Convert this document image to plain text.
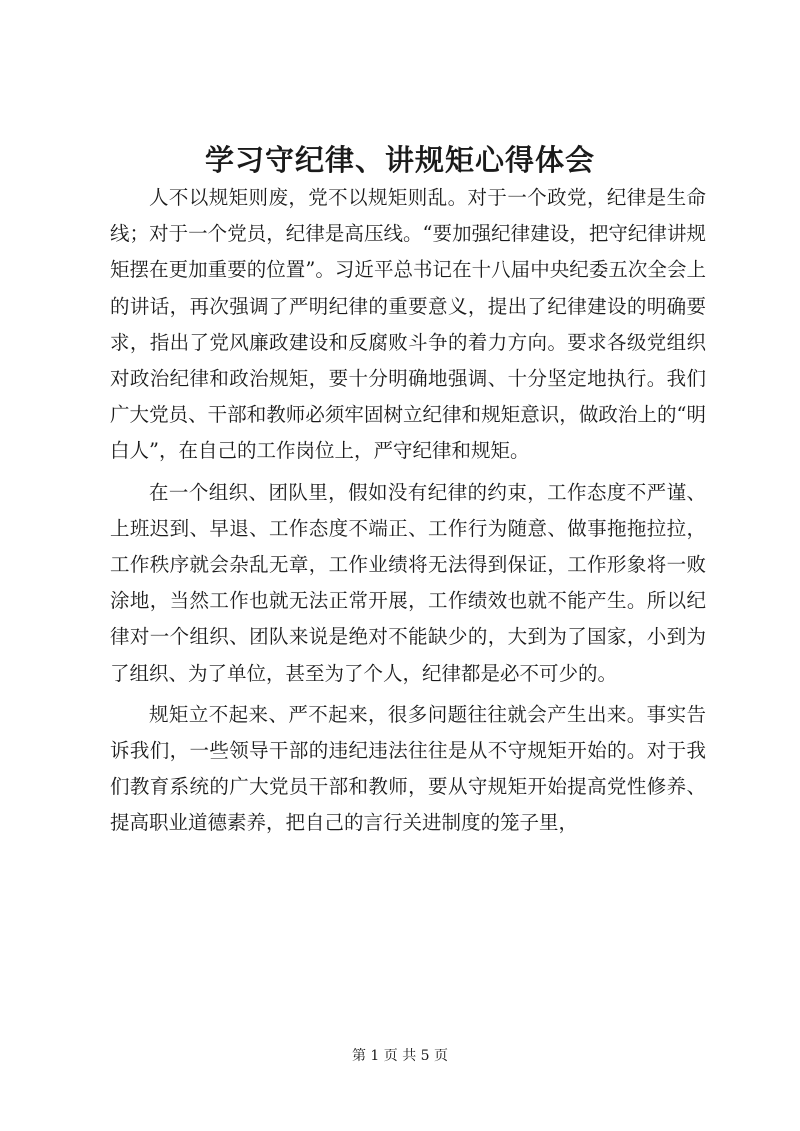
学习守纪律、讲规矩心得体会

人不以规矩则废，党不以规矩则乱。对于一个政党，纪律是生命线；对于一个党员，纪律是高压线。“要加强纪律建设，把守纪律讲规矩摆在更加重要的位置”。习近平总书记在十八届中央纪委五次全会上的讲话，再次强调了严明纪律的重要意义，提出了纪律建设的明确要求，指出了党风廉政建设和反腐败斗争的着力方向。要求各级党组织对政治纪律和政治规矩，要十分明确地强调、十分坚定地执行。我们广大党员、干部和教师必须牢固树立纪律和规矩意识，做政治上的“明白人”，在自己的工作岗位上，严守纪律和规矩。

在一个组织、团队里，假如没有纪律的约束，工作态度不严谨、上班迟到、早退、工作态度不端正、工作行为随意、做事拖拖拉拉，工作秩序就会杂乱无章，工作业绩将无法得到保证，工作形象将一败涂地，当然工作也就无法正常开展，工作绩效也就不能产生。所以纪律对一个组织、团队来说是绝对不能缺少的，大到为了国家，小到为了组织、为了单位，甚至为了个人，纪律都是必不可少的。

规矩立不起来、严不起来，很多问题往往就会产生出来。事实告诉我们，一些领导干部的违纪违法往往是从不守规矩开始的。对于我们教育系统的广大党员干部和教师，要从守规矩开始提高党性修养、提高职业道德素养，把自己的言行关进制度的笼子里，

第 1 页 共 5 页
